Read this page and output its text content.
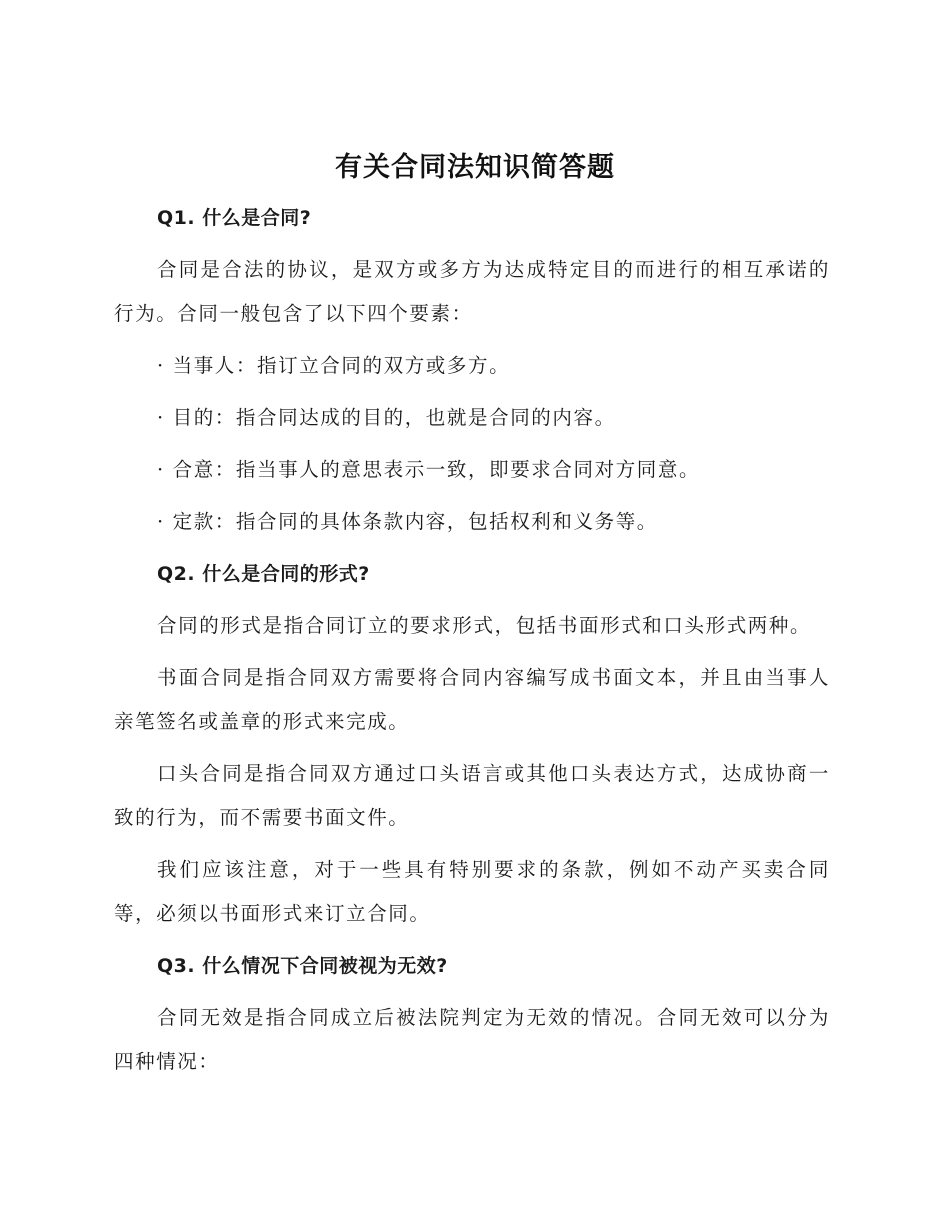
有关合同法知识简答题
Q1. 什么是合同?
合同是合法的协议，是双方或多方为达成特定目的而进行的相互承诺的行为。合同一般包含了以下四个要素：
· 当事人：指订立合同的双方或多方。
· 目的：指合同达成的目的，也就是合同的内容。
· 合意：指当事人的意思表示一致，即要求合同对方同意。
· 定款：指合同的具体条款内容，包括权利和义务等。
Q2. 什么是合同的形式?
合同的形式是指合同订立的要求形式，包括书面形式和口头形式两种。
书面合同是指合同双方需要将合同内容编写成书面文本，并且由当事人亲笔签名或盖章的形式来完成。
口头合同是指合同双方通过口头语言或其他口头表达方式，达成协商一致的行为，而不需要书面文件。
我们应该注意，对于一些具有特别要求的条款，例如不动产买卖合同等，必须以书面形式来订立合同。
Q3. 什么情况下合同被视为无效?
合同无效是指合同成立后被法院判定为无效的情况。合同无效可以分为四种情况：
